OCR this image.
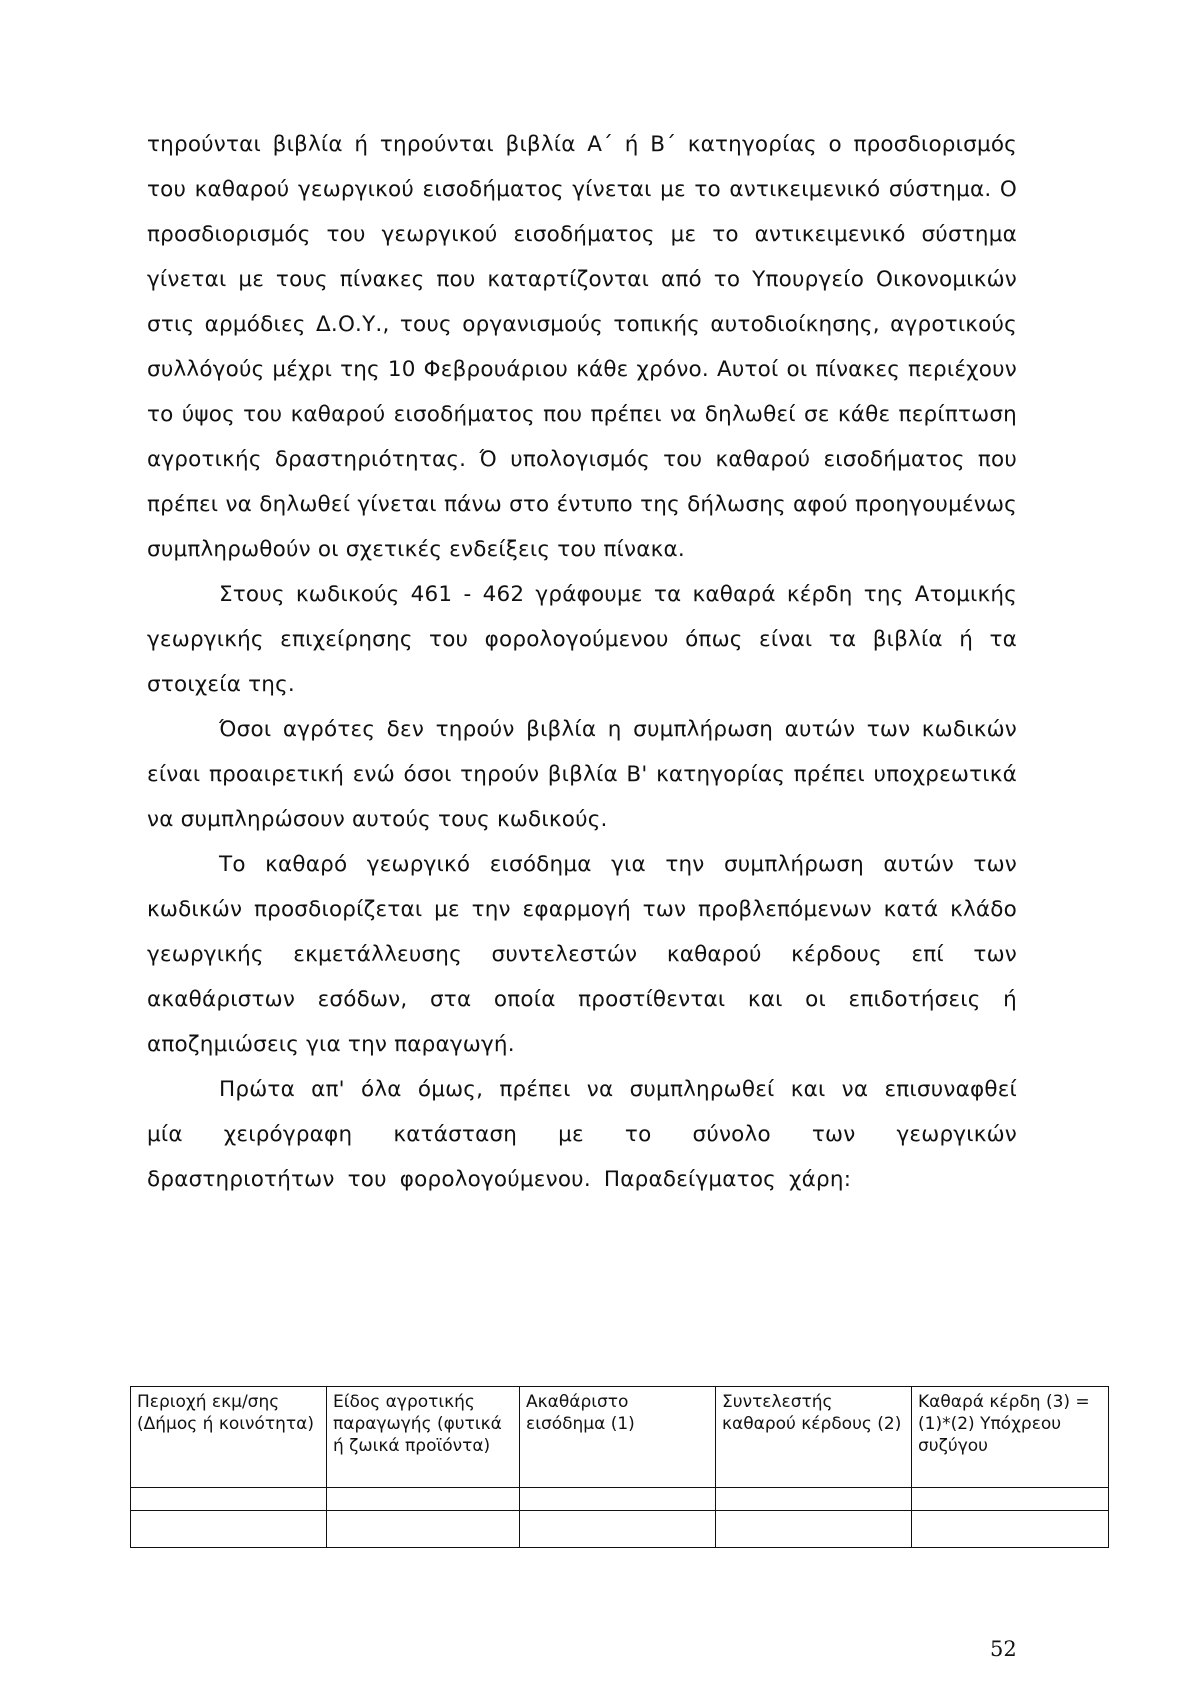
τηρούνται βιβλία ή τηρούνται βιβλία Α΄ ή Β΄ κατηγορίας ο προσδιορισμός του καθαρού γεωργικού εισοδήματος γίνεται με το αντικειμενικό σύστημα. Ο προσδιορισμός του γεωργικού εισοδήματος με το αντικειμενικό σύστημα γίνεται με τους πίνακες που καταρτίζονται από το Υπουργείο Οικονομικών στις αρμόδιες Δ.Ο.Υ., τους οργανισμούς τοπικής αυτοδιοίκησης, αγροτικούς συλλόγούς μέχρι της 10 Φεβρουάριου κάθε χρόνο. Αυτοί οι πίνακες περιέχουν το ύψος του καθαρού εισοδήματος που πρέπει να δηλωθεί σε κάθε περίπτωση αγροτικής δραστηριότητας. Ό υπολογισμός του καθαρού εισοδήματος που πρέπει να δηλωθεί γίνεται πάνω στο έντυπο της δήλωσης αφού προηγουμένως συμπληρωθούν οι σχετικές ενδείξεις του πίνακα.

Στους κωδικούς 461 - 462 γράφουμε τα καθαρά κέρδη της Ατομικής γεωργικής επιχείρησης του φορολογούμενου όπως είναι τα βιβλία ή τα στοιχεία της.

Όσοι αγρότες δεν τηρούν βιβλία η συμπλήρωση αυτών των κωδικών είναι προαιρετική ενώ όσοι τηρούν βιβλία Β' κατηγορίας πρέπει υποχρεωτικά να συμπληρώσουν αυτούς τους κωδικούς.

Το καθαρό γεωργικό εισόδημα για την συμπλήρωση αυτών των κωδικών προσδιορίζεται με την εφαρμογή των προβλεπόμενων κατά κλάδο γεωργικής εκμετάλλευσης συντελεστών καθαρού κέρδους επί των ακαθάριστων εσόδων, στα οποία προστίθενται και οι επιδοτήσεις ή αποζημιώσεις για την παραγωγή.

Πρώτα απ' όλα όμως, πρέπει να συμπληρωθεί και να επισυναφθεί μία χειρόγραφη κατάσταση με το σύνολο των γεωργικών δραστηριοτήτων του φορολογούμενου. Παραδείγματος χάρη:

Περιοχή εκμ/σης (Δήμος ή κοινότητα)	Είδος αγροτικής παραγωγής (φυτικά ή ζωικά προϊόντα)	Ακαθάριστο εισόδημα (1)	Συντελεστής καθαρού κέρδους (2)	Καθαρά κέρδη (3) = (1)*(2) Υπόχρεου συζύγου

52
